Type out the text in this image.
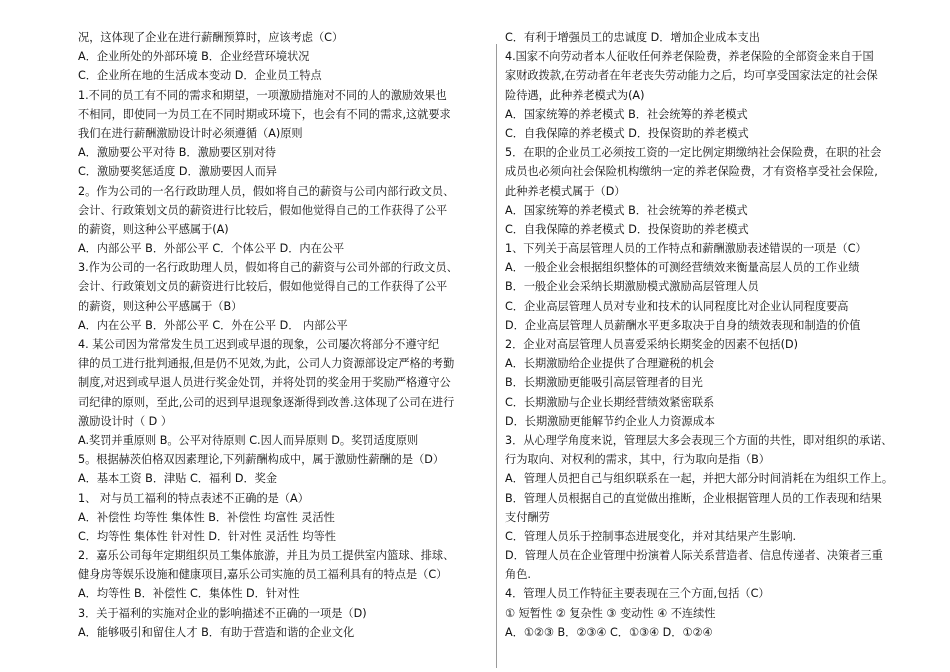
况，这体现了企业在进行薪酬预算时，应该考虑（C）
A．企业所处的外部环境 B．企业经营环境状况
C．企业所在地的生活成本变动 D．企业员工特点
1.不同的员工有不同的需求和期望，一项激励措施对不同的人的激励效果也
不相同，即使同一为员工在不同时期或环境下，也会有不同的需求,这就要求
我们在进行薪酬激励设计时必须遵循（A)原则
A．激励要公平对待 B．激励要区别对待
C．激励要奖惩适度 D．激励要因人而异
2。作为公司的一名行政助理人员，假如将自己的薪资与公司内部行政文员、
会计、行政策划文员的薪资进行比较后，假如他觉得自己的工作获得了公平
的薪资，则这种公平感属于(A)
A．内部公平 B．外部公平 C．个体公平 D．内在公平
3.作为公司的一名行政助理人员，假如将自己的薪资与公司外部的行政文员、
会计、行政策划文员的薪资进行比较后，假如他觉得自己的工作获得了公平
的薪资，则这种公平感属于（B）
A．内在公平 B．外部公平 C．外在公平 D． 内部公平
4. 某公司因为常常发生员工迟到或早退的现象，公司屡次将部分不遵守纪
律的员工进行批判通报,但是仍不见效,为此，公司人力资源部设定严格的考勤
制度,对迟到或早退人员进行奖金处罚，并将处罚的奖金用于奖励严格遵守公
司纪律的原则，至此,公司的迟到早退现象逐渐得到改善.这体现了公司在进行
激励设计时（ D ）
A.奖罚并重原则 B。公平对待原则 C.因人而异原则 D。奖罚适度原则
5。根据赫茨伯格双因素理论,下列薪酬构成中，属于激励性薪酬的是（D）
A．基本工资 B．津贴 C．福利 D．奖金
1、 对与员工福利的特点表述不正确的是（A）
A．补偿性 均等性 集体性 B．补偿性 均富性 灵活性
C．均等性 集体性 针对性 D．针对性 灵活性 均等性
2．嘉乐公司每年定期组织员工集体旅游，并且为员工提供室内篮球、排球、
健身房等娱乐设施和健康项目,嘉乐公司实施的员工福利具有的特点是（C）
A．均等性 B．补偿性 C．集体性 D．针对性
3．关于福利的实施对企业的影响描述不正确的一项是（D)
A．能够吸引和留住人才 B．有助于营造和谐的企业文化
C．有利于增强员工的忠诚度 D．增加企业成本支出
4.国家不向劳动者本人征收任何养老保险费，养老保险的全部资金来自于国
家财政拨款,在劳动者在年老丧失劳动能力之后，均可享受国家法定的社会保
险待遇，此种养老模式为(A)
A．国家统筹的养老模式 B．社会统筹的养老模式
C．自我保障的养老模式 D．投保资助的养老模式
5．在职的企业员工必须按工资的一定比例定期缴纳社会保险费，在职的社会
成员也必须向社会保险机构缴纳一定的养老保险费，才有资格享受社会保险,
此种养老模式属于（D）
A．国家统筹的养老模式 B．社会统筹的养老模式
C．自我保障的养老模式 D．投保资助的养老模式
1、下列关于高层管理人员的工作特点和薪酬激励表述错误的一项是（C）
A．一般企业会根据组织整体的可测经营绩效来衡量高层人员的工作业绩
B．一般企业会采纳长期激励模式激励高层管理人员
C．企业高层管理人员对专业和技术的认同程度比对企业认同程度要高
D．企业高层管理人员薪酬水平更多取决于自身的绩效表现和制造的价值
2．企业对高层管理人员喜爱采纳长期奖金的因素不包括(D)
A．长期激励给企业提供了合理避税的机会
B．长期激励更能吸引高层管理者的目光
C．长期激励与企业长期经营绩效紧密联系
D．长期激励更能解节约企业人力资源成本
3．从心理学角度来说，管理层大多会表现三个方面的共性，即对组织的承诺、
行为取向、对权利的需求，其中，行为取向是指（B）
A．管理人员把自己与组织联系在一起，并把大部分时间消耗在为组织工作上。
B．管理人员根据自己的直觉做出推断，企业根据管理人员的工作表现和结果
支付酬劳
C．管理人员乐于控制事态进展变化，并对其结果产生影响.
D．管理人员在企业管理中扮演着人际关系营造者、信息传递者、决策者三重
角色.
4．管理人员工作特征主要表现在三个方面,包括（C）
① 短暂性 ② 复杂性 ③ 变动性 ④ 不连续性
A．①②③ B．②③④ C．①③④ D．①②④
